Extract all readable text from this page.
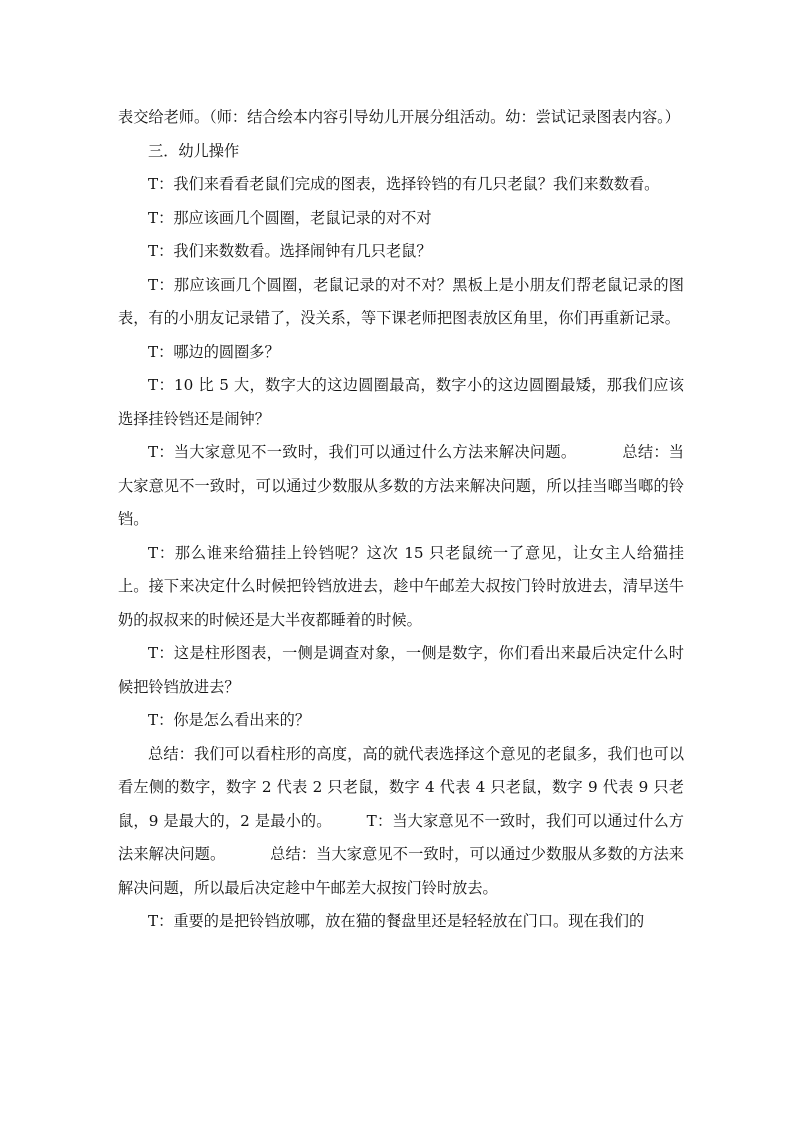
表交给老师。（师：结合绘本内容引导幼儿开展分组活动。幼：尝试记录图表内容。）

三．幼儿操作

T：我们来看看老鼠们完成的图表，选择铃铛的有几只老鼠？我们来数数看。

T：那应该画几个圆圈，老鼠记录的对不对

T：我们来数数看。选择闹钟有几只老鼠？

T：那应该画几个圆圈，老鼠记录的对不对？黑板上是小朋友们帮老鼠记录的图表，有的小朋友记录错了，没关系，等下课老师把图表放区角里，你们再重新记录。

T：哪边的圆圈多？

T：10 比 5 大，数字大的这边圆圈最高，数字小的这边圆圈最矮，那我们应该选择挂铃铛还是闹钟？

T：当大家意见不一致时，我们可以通过什么方法来解决问题。         总结：当大家意见不一致时，可以通过少数服从多数的方法来解决问题，所以挂当啷当啷的铃铛。

T：那么谁来给猫挂上铃铛呢？这次 15 只老鼠统一了意见，让女主人给猫挂上。接下来决定什么时候把铃铛放进去，趁中午邮差大叔按门铃时放进去，清早送牛奶的叔叔来的时候还是大半夜都睡着的时候。

T：这是柱形图表，一侧是调查对象，一侧是数字，你们看出来最后决定什么时候把铃铛放进去？

T：你是怎么看出来的？

总结：我们可以看柱形的高度，高的就代表选择这个意见的老鼠多，我们也可以看左侧的数字，数字 2 代表 2 只老鼠，数字 4 代表 4 只老鼠，数字 9 代表 9 只老鼠，9 是最大的，2 是最小的。       T：当大家意见不一致时，我们可以通过什么方法来解决问题。         总结：当大家意见不一致时，可以通过少数服从多数的方法来解决问题，所以最后决定趁中午邮差大叔按门铃时放去。

T：重要的是把铃铛放哪，放在猫的餐盘里还是轻轻放在门口。现在我们的
